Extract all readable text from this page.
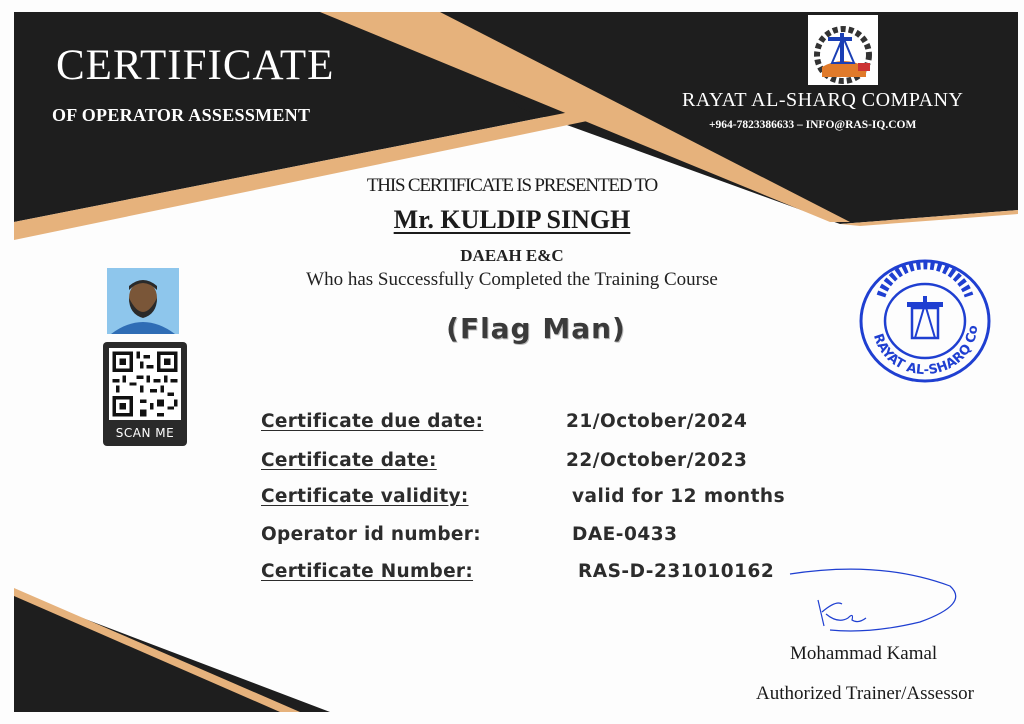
CERTIFICATE

OF OPERATOR ASSESSMENT

RAYAT AL-SHARQ COMPANY

+964-7823386633 – INFO@RAS-IQ.COM

THIS CERTIFICATE IS PRESENTED TO

Mr. KULDIP SINGH

DAEAH E&C

Who has Successfully Completed the Training Course

(Flag Man)

SCAN ME

Certificate due date:	21/October/2024

Certificate date:	22/October/2023

Certificate validity:	valid for 12 months

Operator id number:	DAE-0433

Certificate Number:	RAS-D-231010162

RAYAT AL-SHARQ Co

Mohammad Kamal

Authorized Trainer/Assessor
